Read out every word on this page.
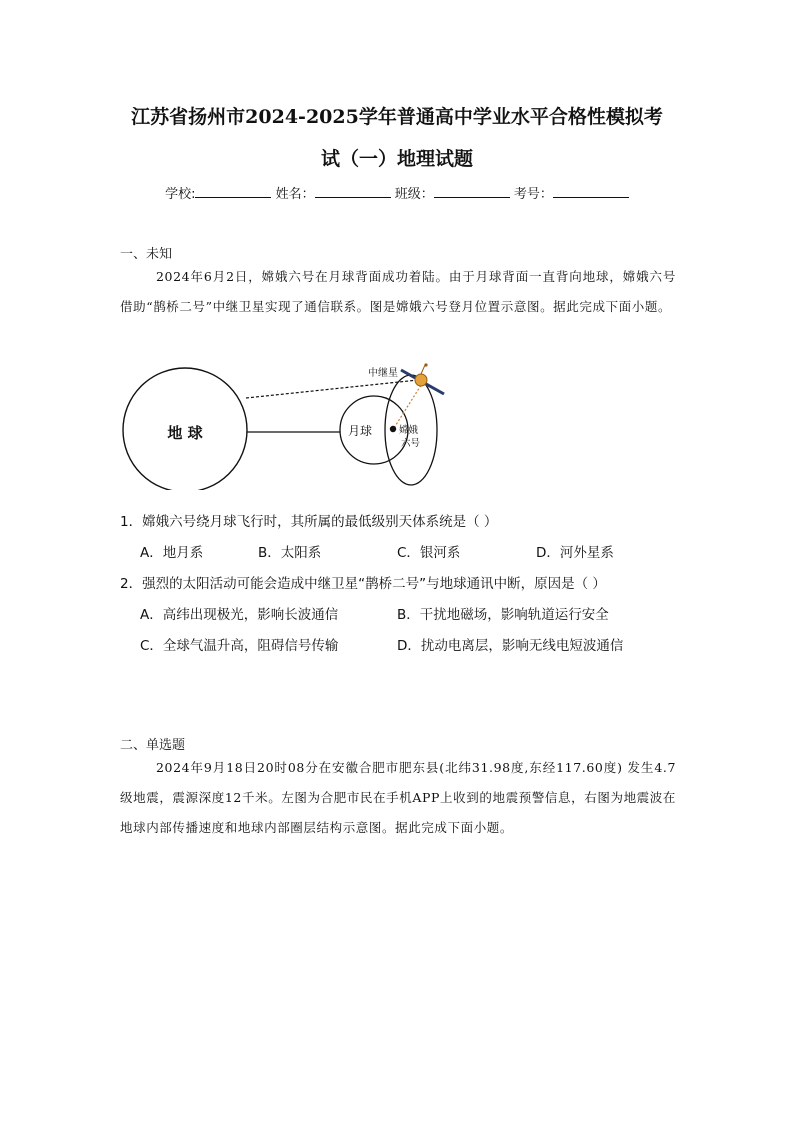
江苏省扬州市2024-2025学年普通高中学业水平合格性模拟考
试（一）地理试题
学校:	姓名：	班级：	考号：
一、未知
2024年6月2日，嫦娥六号在月球背面成功着陆。由于月球背面一直背向地球，嫦娥六号借助“鹊桥二号”中继卫星实现了通信联系。图是嫦娥六号登月位置示意图。据此完成下面小题。
地 球	月球	嫦娥
六号
中继星
1．嫦娥六号绕月球飞行时，其所属的最低级别天体系统是（ ）
A．地月系	B．太阳系	C．银河系	D．河外星系
2．强烈的太阳活动可能会造成中继卫星“鹊桥二号”与地球通讯中断，原因是（ ）
A．高纬出现极光，影响长波通信	B．干扰地磁场，影响轨道运行安全
C．全球气温升高，阻碍信号传输	D．扰动电离层，影响无线电短波通信
二、单选题
2024年9月18日20时08分在安徽合肥市肥东县(北纬31.98度,东经117.60度) 发生4.7级地震，震源深度12千米。左图为合肥市民在手机APP上收到的地震预警信息，右图为地震波在地球内部传播速度和地球内部圈层结构示意图。据此完成下面小题。
